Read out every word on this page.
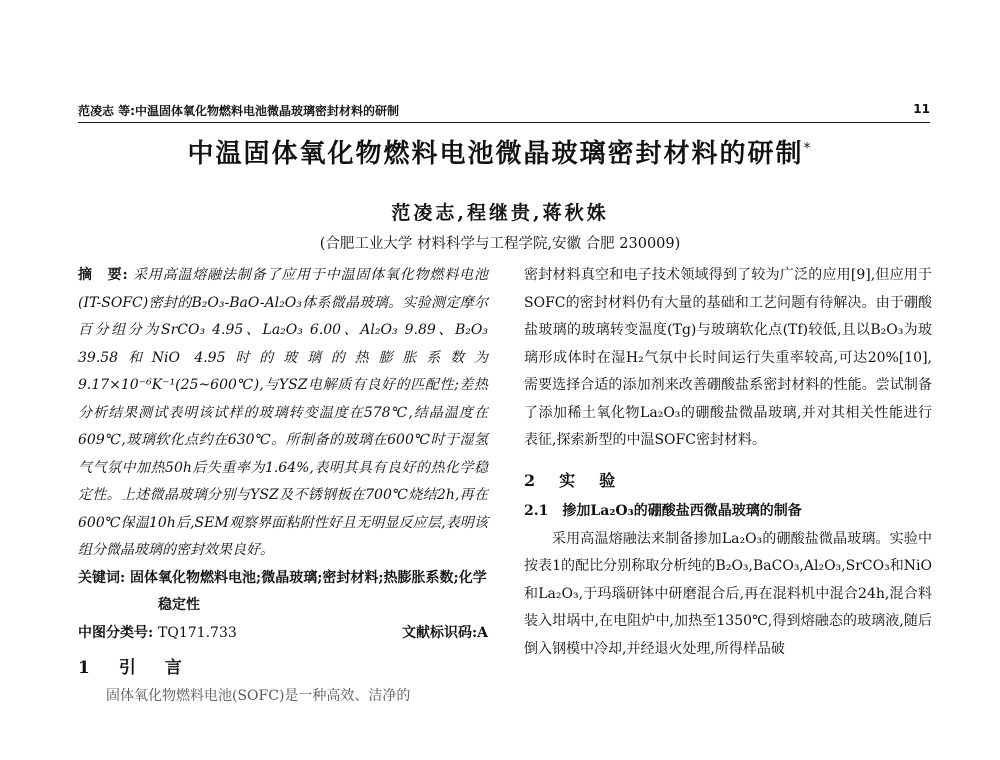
范凌志 等:中温固体氧化物燃料电池微晶玻璃密封材料的研制	11
中温固体氧化物燃料电池微晶玻璃密封材料的研制*
范凌志,程继贵,蒋秋姝
(合肥工业大学 材料科学与工程学院,安徽 合肥 230009)

摘　要: 采用高温熔融法制备了应用于中温固体氧化物燃料电池(IT-SOFC)密封的B₂O₃-BaO-Al₂O₃体系微晶玻璃。实验测定摩尔百分组分为SrCO₃ 4.95、La₂O₃ 6.00、Al₂O₃ 9.89、B₂O₃ 39.58和NiO 4.95时的玻璃的热膨胀系数为9.17×10⁻⁶K⁻¹(25~600℃),与YSZ电解质有良好的匹配性;差热分析结果测试表明该试样的玻璃转变温度在578℃,结晶温度在609℃,玻璃软化点约在630℃。所制备的玻璃在600℃时于湿氢气气氛中加热50h后失重率为1.64%,表明其具有良好的热化学稳定性。上述微晶玻璃分别与YSZ及不锈钢板在700℃烧结2h,再在600℃保温10h后,SEM观察界面粘附性好且无明显反应层,表明该组分微晶玻璃的密封效果良好。

关键词: 固体氧化物燃料电池;微晶玻璃;密封材料;热膨胀系数;化学稳定性

中图分类号: TQ171.733	文献标识码:A

1　引　言

固体氧化物燃料电池(SOFC)是一种高效、洁净的

密封材料真空和电子技术领域得到了较为广泛的应用[9],但应用于SOFC的密封材料仍有大量的基础和工艺问题有待解决。由于硼酸盐玻璃的玻璃转变温度(Tg)与玻璃软化点(Tf)较低,且以B₂O₃为玻璃形成体时在湿H₂气氛中长时间运行失重率较高,可达20%[10],需要选择合适的添加剂来改善硼酸盐系密封材料的性能。尝试制备了添加稀土氧化物La₂O₃的硼酸盐微晶玻璃,并对其相关性能进行表征,探索新型的中温SOFC密封材料。

2　实　验

2.1　掺加La₂O₃的硼酸盐西微晶玻璃的制备

采用高温熔融法来制备掺加La₂O₃的硼酸盐微晶玻璃。实验中按表1的配比分别称取分析纯的B₂O₃,BaCO₃,Al₂O₃,SrCO₃和NiO和La₂O₃,于玛瑙研钵中研磨混合后,再在混料机中混合24h,混合料装入坩埚中,在电阻炉中,加热至1350℃,得到熔融态的玻璃液,随后倒入钢模中冷却,并经退火处理,所得样品破
